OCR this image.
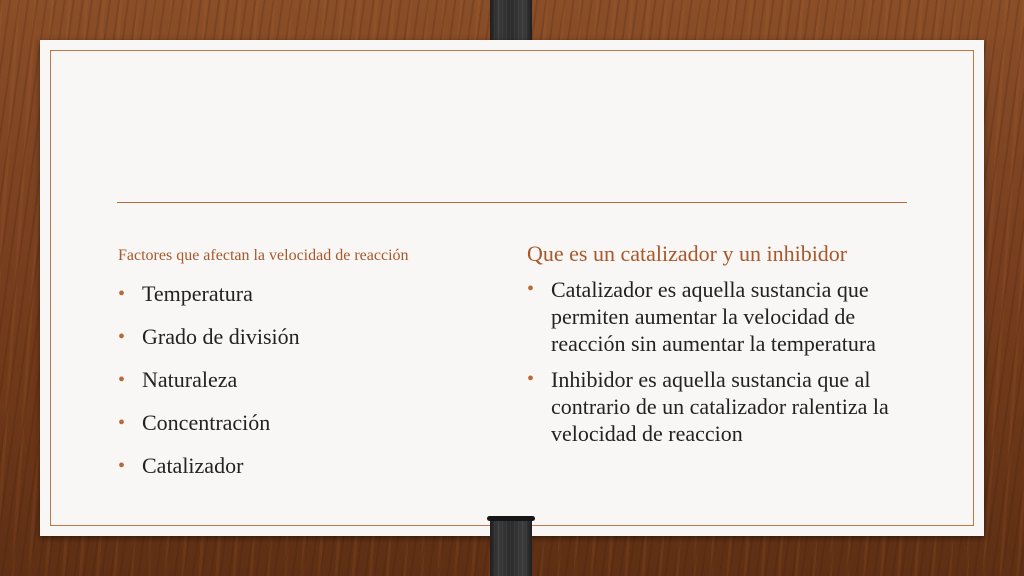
Factores que afectan la velocidad de reacción

• Temperatura
• Grado de división
• Naturaleza
• Concentración
• Catalizador

Que es un catalizador y un inhibidor

• Catalizador es aquella sustancia que permiten aumentar la velocidad de reacción sin aumentar la temperatura
• Inhibidor es aquella sustancia que al contrario de un catalizador ralentiza la velocidad de reaccion
